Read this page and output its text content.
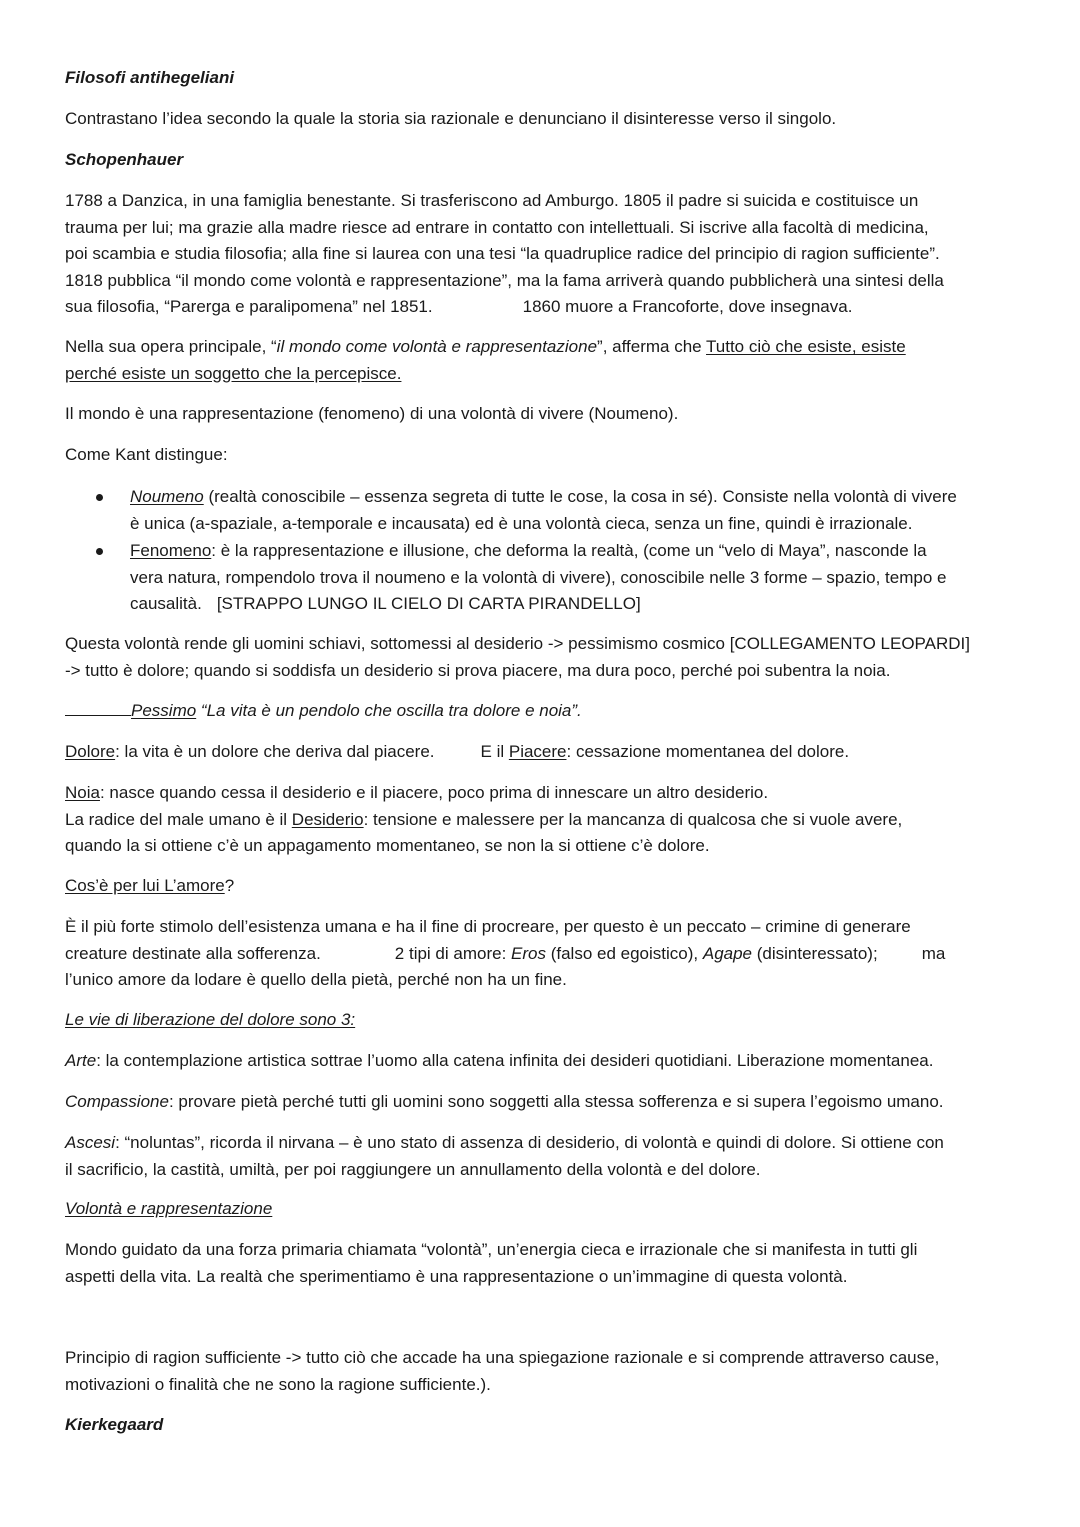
Filosofi antihegeliani

Contrastano l’idea secondo la quale la storia sia razionale e denunciano il disinteresse verso il singolo.

Schopenhauer

1788 a Danzica, in una famiglia benestante. Si trasferiscono ad Amburgo. 1805 il padre si suicida e costituisce un
trauma per lui; ma grazie alla madre riesce ad entrare in contatto con intellettuali. Si iscrive alla facoltà di medicina,
poi scambia e studia filosofia; alla fine si laurea con una tesi “la quadruplice radice del principio di ragion sufficiente”.
1818 pubblica “il mondo come volontà e rappresentazione”, ma la fama arriverà quando pubblicherà una sintesi della
sua filosofia, “Parerga e paralipomena” nel 1851.	1860 muore a Francoforte, dove insegnava.
Nella sua opera principale, “il mondo come volontà e rappresentazione”, afferma che Tutto ciò che esiste, esiste
perché esiste un soggetto che la percepisce.

Il mondo è una rappresentazione (fenomeno) di una volontà di vivere (Noumeno).

Come Kant distingue:

Noumeno (realtà conoscibile – essenza segreta di tutte le cose, la cosa in sé). Consiste nella volontà di vivere
è unica (a-spaziale, a-temporale e incausata) ed è una volontà cieca, senza un fine, quindi è irrazionale.
Fenomeno: è la rappresentazione e illusione, che deforma la realtà, (come un “velo di Maya”, nasconde la
vera natura, rompendolo trova il noumeno e la volontà di vivere), conoscibile nelle 3 forme – spazio, tempo e
causalità. [STRAPPO LUNGO IL CIELO DI CARTA PIRANDELLO]
Questa volontà rende gli uomini schiavi, sottomessi al desiderio -> pessimismo cosmico [COLLEGAMENTO LEOPARDI]
-> tutto è dolore; quando si soddisfa un desiderio si prova piacere, ma dura poco, perché poi subentra la noia.

Pessimo “La vita è un pendolo che oscilla tra dolore e noia”.

Dolore: la vita è un dolore che deriva dal piacere.	E il Piacere: cessazione momentanea del dolore.

Noia: nasce quando cessa il desiderio e il piacere, poco prima di innescare un altro desiderio.
La radice del male umano è il Desiderio: tensione e malessere per la mancanza di qualcosa che si vuole avere,
quando la si ottiene c’è un appagamento momentaneo, se non la si ottiene c’è dolore.

Cos’è per lui L’amore?

È il più forte stimolo dell’esistenza umana e ha il fine di procreare, per questo è un peccato – crimine di generare
creature destinate alla sofferenza.	2 tipi di amore: Eros (falso ed egoistico), Agape (disinteressato);	ma
l’unico amore da lodare è quello della pietà, perché non ha un fine.

Le vie di liberazione del dolore sono 3:

Arte: la contemplazione artistica sottrae l’uomo alla catena infinita dei desideri quotidiani. Liberazione momentanea.

Compassione: provare pietà perché tutti gli uomini sono soggetti alla stessa sofferenza e si supera l’egoismo umano.

Ascesi: “noluntas”, ricorda il nirvana – è uno stato di assenza di desiderio, di volontà e quindi di dolore. Si ottiene con
il sacrificio, la castità, umiltà, per poi raggiungere un annullamento della volontà e del dolore.

Volontà e rappresentazione

Mondo guidato da una forza primaria chiamata “volontà”, un’energia cieca e irrazionale che si manifesta in tutti gli
aspetti della vita. La realtà che sperimentiamo è una rappresentazione o un’immagine di questa volontà.
Principio di ragion sufficiente -> tutto ciò che accade ha una spiegazione razionale e si comprende attraverso cause,
motivazioni o finalità che ne sono la ragione sufficiente.).

Kierkegaard
